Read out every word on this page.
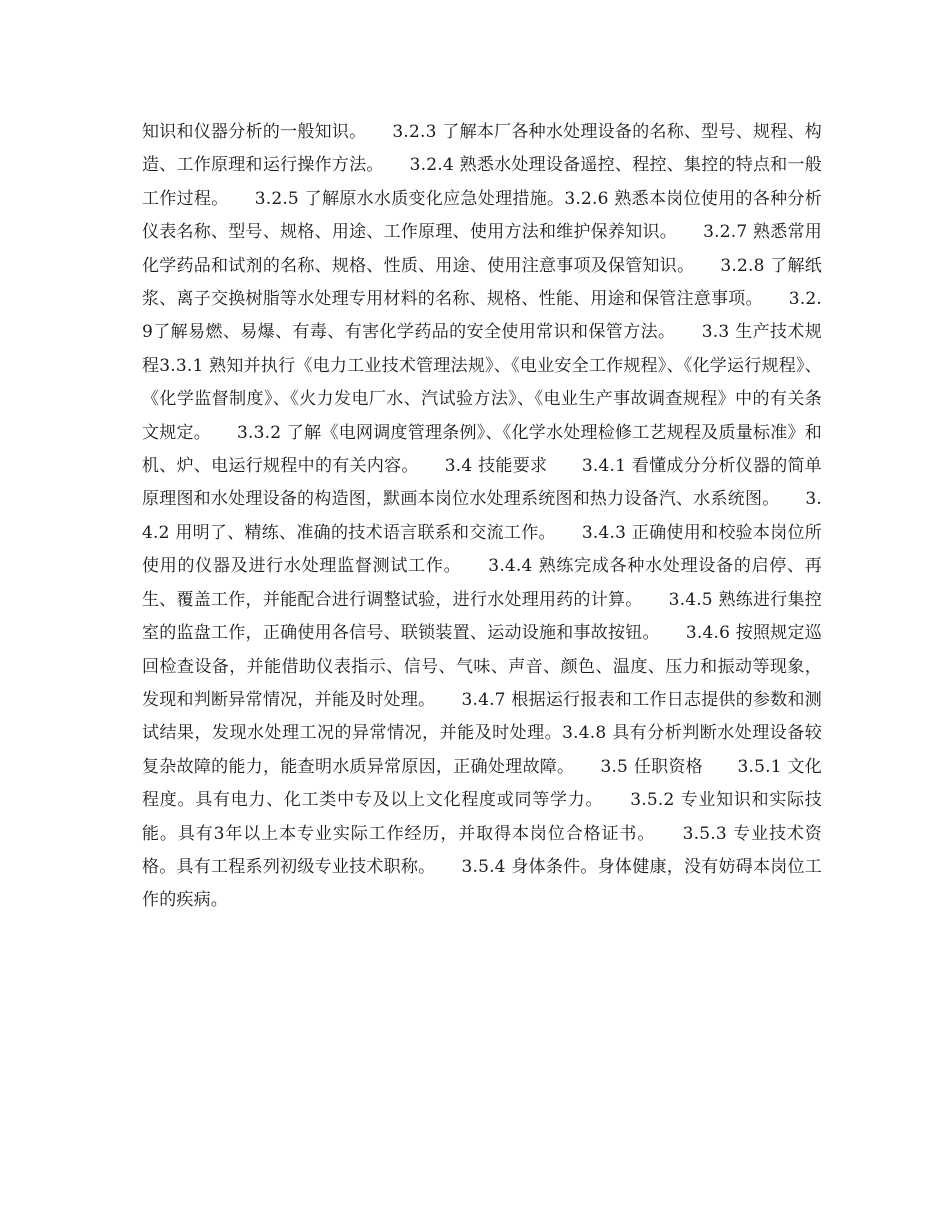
知识和仪器分析的一般知识。　　3.2.3 了解本厂各种水处理设备的名称、型号、规程、构造、工作原理和运行操作方法。　　3.2.4 熟悉水处理设备遥控、程控、集控的特点和一般工作过程。　　3.2.5 了解原水水质变化应急处理措施。3.2.6 熟悉本岗位使用的各种分析仪表名称、型号、规格、用途、工作原理、使用方法和维护保养知识。　　3.2.7 熟悉常用化学药品和试剂的名称、规格、性质、用途、使用注意事项及保管知识。　　3.2.8 了解纸浆、离子交换树脂等水处理专用材料的名称、规格、性能、用途和保管注意事项。　　3.2.9了解易燃、易爆、有毒、有害化学药品的安全使用常识和保管方法。　　3.3 生产技术规程3.3.1 熟知并执行《电力工业技术管理法规》、《电业安全工作规程》、《化学运行规程》、《化学监督制度》、《火力发电厂水、汽试验方法》、《电业生产事故调查规程》中的有关条文规定。　　3.3.2 了解《电网调度管理条例》、《化学水处理检修工艺规程及质量标准》和机、炉、电运行规程中的有关内容。　　3.4 技能要求　　3.4.1 看懂成分分析仪器的简单原理图和水处理设备的构造图，默画本岗位水处理系统图和热力设备汽、水系统图。　　3.4.2 用明了、精练、准确的技术语言联系和交流工作。　　3.4.3 正确使用和校验本岗位所使用的仪器及进行水处理监督测试工作。　　3.4.4 熟练完成各种水处理设备的启停、再生、覆盖工作，并能配合进行调整试验，进行水处理用药的计算。　　3.4.5 熟练进行集控室的监盘工作，正确使用各信号、联锁装置、运动设施和事故按钮。　　3.4.6 按照规定巡回检查设备，并能借助仪表指示、信号、气味、声音、颜色、温度、压力和振动等现象，发现和判断异常情况，并能及时处理。　　3.4.7 根据运行报表和工作日志提供的参数和测试结果，发现水处理工况的异常情况，并能及时处理。3.4.8 具有分析判断水处理设备较复杂故障的能力，能查明水质异常原因，正确处理故障。　　3.5 任职资格　　3.5.1 文化程度。具有电力、化工类中专及以上文化程度或同等学力。　　3.5.2 专业知识和实际技能。具有3年以上本专业实际工作经历，并取得本岗位合格证书。　　3.5.3 专业技术资格。具有工程系列初级专业技术职称。　　3.5.4 身体条件。身体健康，没有妨碍本岗位工作的疾病。
